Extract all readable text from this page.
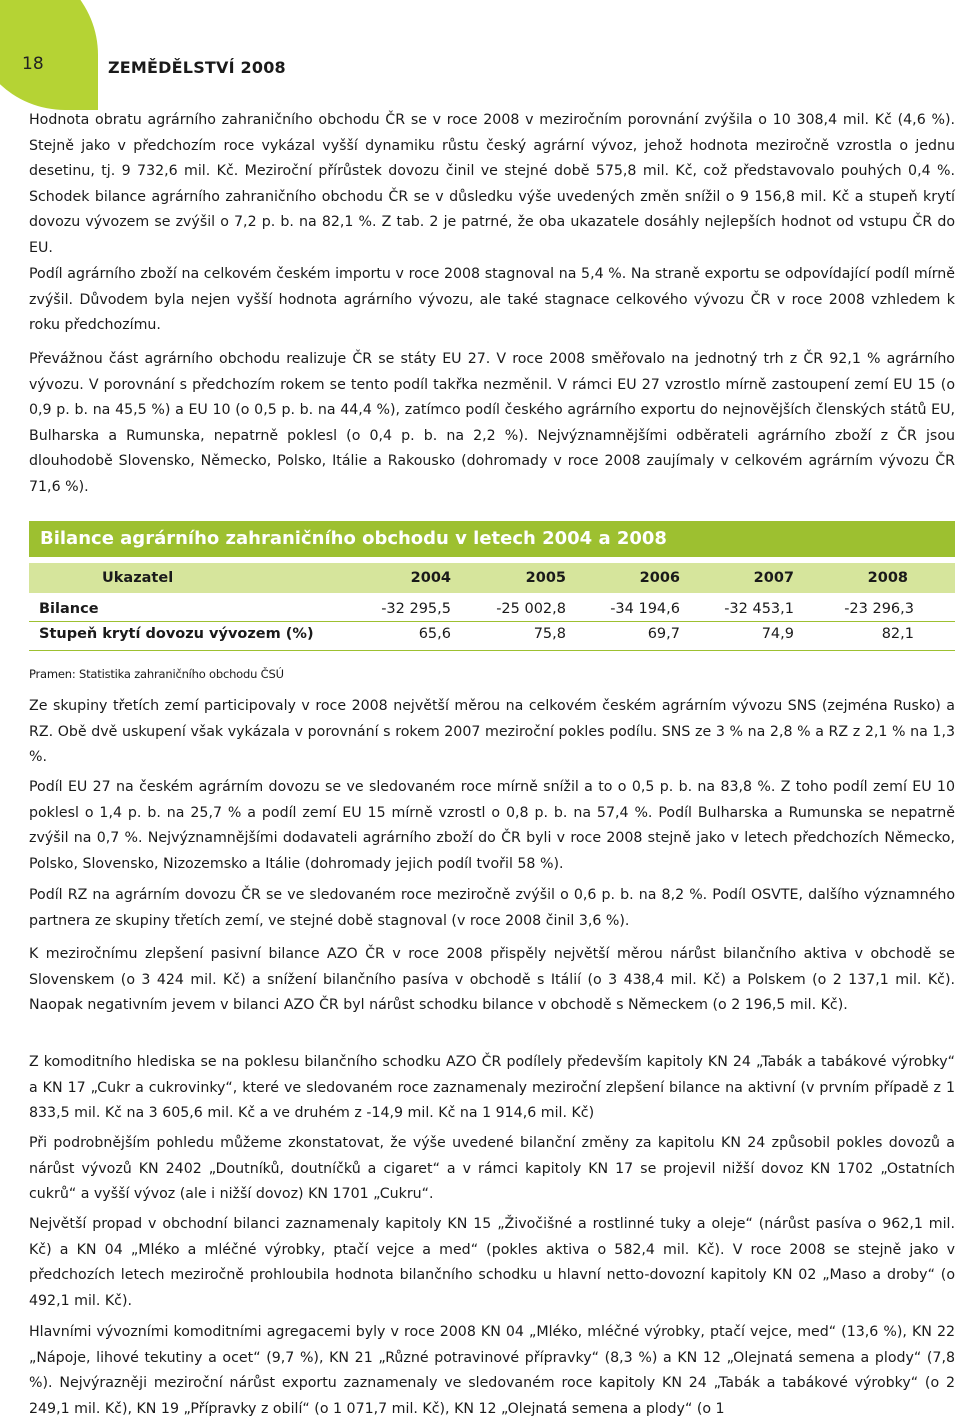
18	ZEMĚDĚLSTVÍ 2008

Hodnota obratu agrárního zahraničního obchodu ČR se v roce 2008 v meziročním porovnání zvýšila o 10 308,4 mil. Kč (4,6 %). Stejně jako v předchozím roce vykázal vyšší dynamiku růstu český agrární vývoz, jehož hodnota meziročně vzrostla o jednu desetinu, tj. 9 732,6 mil. Kč. Meziroční přírůstek dovozu činil ve stejné době 575,8 mil. Kč, což představovalo pouhých 0,4 %. Schodek bilance agrárního zahraničního obchodu ČR se v důsledku výše uvedených změn snížil o 9 156,8 mil. Kč a stupeň krytí dovozu vývozem se zvýšil o 7,2 p. b. na 82,1 %. Z tab. 2 je patrné, že oba ukazatele dosáhly nejlepších hodnot od vstupu ČR do EU.

Podíl agrárního zboží na celkovém českém importu v roce 2008 stagnoval na 5,4 %. Na straně exportu se odpovídající podíl mírně zvýšil. Důvodem byla nejen vyšší hodnota agrárního vývozu, ale také stagnace celkového vývozu ČR v roce 2008 vzhledem k roku předchozímu.

Převážnou část agrárního obchodu realizuje ČR se státy EU 27. V roce 2008 směřovalo na jednotný trh z ČR 92,1 % agrárního vývozu. V porovnání s předchozím rokem se tento podíl takřka nezměnil. V rámci EU 27 vzrostlo mírně zastoupení zemí EU 15 (o 0,9 p. b. na 45,5 %) a EU 10 (o 0,5 p. b. na 44,4 %), zatímco podíl českého agrárního exportu do nejnovějších členských států EU, Bulharska a Rumunska, nepatrně poklesl (o 0,4 p. b. na 2,2 %). Nejvýznamnějšími odběrateli agrárního zboží z ČR jsou dlouhodobě Slovensko, Německo, Polsko, Itálie a Rakousko (dohromady v roce 2008 zaujímaly v celkovém agrárním vývozu ČR 71,6 %).

Bilance agrárního zahraničního obchodu v letech 2004 a 2008
Ukazatel	2004	2005	2006	2007	2008
Bilance	-32 295,5	-25 002,8	-34 194,6	-32 453,1	-23 296,3
Stupeň krytí dovozu vývozem (%)	65,6	75,8	69,7	74,9	82,1
Pramen: Statistika zahraničního obchodu ČSÚ

Ze skupiny třetích zemí participovaly v roce 2008 největší měrou na celkovém českém agrárním vývozu SNS (zejména Rusko) a RZ. Obě dvě uskupení však vykázala v porovnání s rokem 2007 meziroční pokles podílu. SNS ze 3 % na 2,8 % a RZ z 2,1 % na 1,3 %.

Podíl EU 27 na českém agrárním dovozu se ve sledovaném roce mírně snížil a to o 0,5 p. b. na 83,8 %. Z toho podíl zemí EU 10 poklesl o 1,4 p. b. na 25,7 % a podíl zemí EU 15 mírně vzrostl o 0,8 p. b. na 57,4 %. Podíl Bulharska a Rumunska se nepatrně zvýšil na 0,7 %. Nejvýznamnějšími dodavateli agrárního zboží do ČR byli v roce 2008 stejně jako v letech předchozích Německo, Polsko, Slovensko, Nizozemsko a Itálie (dohromady jejich podíl tvořil 58 %).

Podíl RZ na agrárním dovozu ČR se ve sledovaném roce meziročně zvýšil o 0,6 p. b. na 8,2 %. Podíl OSVTE, dalšího významného partnera ze skupiny třetích zemí, ve stejné době stagnoval (v roce 2008 činil 3,6 %).

K meziročnímu zlepšení pasivní bilance AZO ČR v roce 2008 přispěly největší měrou nárůst bilančního aktiva v obchodě se Slovenskem (o 3 424 mil. Kč) a snížení bilančního pasíva v obchodě s Itálií (o 3 438,4 mil. Kč) a Polskem (o 2 137,1 mil. Kč). Naopak negativním jevem v bilanci AZO ČR byl nárůst schodku bilance v obchodě s Německem (o 2 196,5 mil. Kč).

Z komoditního hlediska se na poklesu bilančního schodku AZO ČR podílely především kapitoly KN 24 „Tabák a tabákové výrobky“ a KN 17 „Cukr a cukrovinky“, které ve sledovaném roce zaznamenaly meziroční zlepšení bilance na aktivní (v prvním případě z 1 833,5 mil. Kč na 3 605,6 mil. Kč a ve druhém z -14,9 mil. Kč na 1 914,6 mil. Kč)

Při podrobnějším pohledu můžeme zkonstatovat, že výše uvedené bilanční změny za kapitolu KN 24 způsobil pokles dovozů a nárůst vývozů KN 2402 „Doutníků, doutníčků a cigaret“ a v rámci kapitoly KN 17 se projevil nižší dovoz KN 1702 „Ostatních cukrů“ a vyšší vývoz (ale i nižší dovoz) KN 1701 „Cukru“.

Největší propad v obchodní bilanci zaznamenaly kapitoly KN 15 „Živočišné a rostlinné tuky a oleje“ (nárůst pasíva o 962,1 mil. Kč) a KN 04 „Mléko a mléčné výrobky, ptačí vejce a med“ (pokles aktiva o 582,4 mil. Kč). V roce 2008 se stejně jako v předchozích letech meziročně prohloubila hodnota bilančního schodku u hlavní netto-dovozní kapitoly KN 02 „Maso a droby“ (o 492,1 mil. Kč).

Hlavními vývozními komoditními agregacemi byly v roce 2008 KN 04 „Mléko, mléčné výrobky, ptačí vejce, med“ (13,6 %), KN 22 „Nápoje, lihové tekutiny a ocet“ (9,7 %), KN 21 „Různé potravinové přípravky“ (8,3 %) a KN 12 „Olejnatá semena a plody“ (7,8 %). Nejvýrazněji meziroční nárůst exportu zaznamenaly ve sledovaném roce kapitoly KN 24 „Tabák a tabákové výrobky“ (o 2 249,1 mil. Kč), KN 19 „Přípravky z obilí“ (o 1 071,7 mil. Kč), KN 12 „Olejnatá semena a plody“ (o 1
